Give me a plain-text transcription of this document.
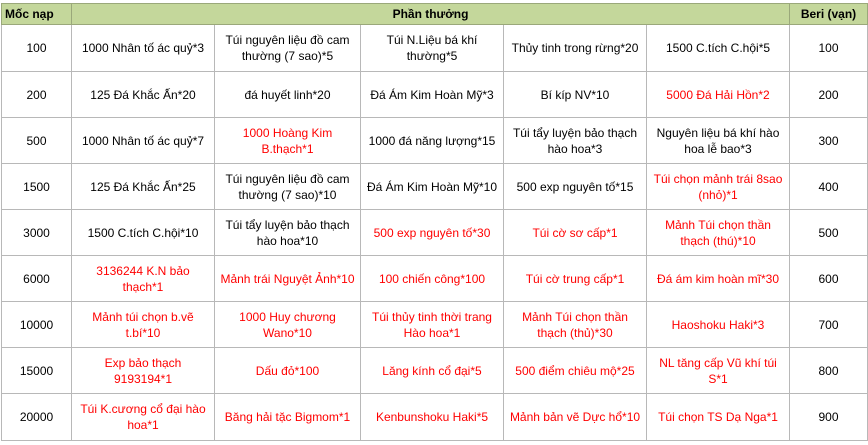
Mốc nạp	Phần thưởng					Beri (vạn)
100	1000 Nhân tố ác quỷ*3	Túi nguyên liệu đồ cam thường (7 sao)*5	Túi N.Liệu bá khí thường*5	Thủy tinh trong rừng*20	1500 C.tích C.hội*5	100
200	125 Đá Khắc Ấn*20	đá huyết linh*20	Đá Ám Kim Hoàn Mỹ*3	Bí kíp NV*10	5000 Đá Hải Hồn*2	200
500	1000 Nhân tố ác quỷ*7	1000 Hoàng Kim B.thạch*1	1000 đá năng lượng*15	Túi tẩy luyện bảo thạch hào hoa*3	Nguyên liệu bá khí hào hoa lễ bao*3	300
1500	125 Đá Khắc Ấn*25	Túi nguyên liệu đồ cam thường (7 sao)*10	Đá Ám Kim Hoàn Mỹ*10	500 exp nguyên tố*15	Túi chọn mảnh trái 8sao (nhỏ)*1	400
3000	1500 C.tích C.hội*10	Túi tẩy luyện bảo thạch hào hoa*10	500 exp nguyên tố*30	Túi cờ sơ cấp*1	Mảnh Túi chọn thần thạch (thú)*10	500
6000	3136244 K.N bảo thạch*1	Mảnh trái Nguyệt Ảnh*10	100 chiến công*100	Túi cờ trung cấp*1	Đá ám kim hoàn mĩ*30	600
10000	Mảnh túi chọn b.vẽ t.bí*10	1000 Huy chương Wano*10	Túi thủy tinh thời trang Hào hoa*1	Mảnh Túi chọn thần thạch (thủ)*30	Haoshoku Haki*3	700
15000	Exp bảo thạch 9193194*1	Dấu đỏ*100	Lăng kính cổ đại*5	500 điểm chiêu mộ*25	NL tăng cấp Vũ khí túi S*1	800
20000	Túi K.cương cổ đại hào hoa*1	Băng hải tặc Bigmom*1	Kenbunshoku Haki*5	Mảnh bản vẽ Dực hổ*10	Túi chọn TS Dạ Nga*1	900
